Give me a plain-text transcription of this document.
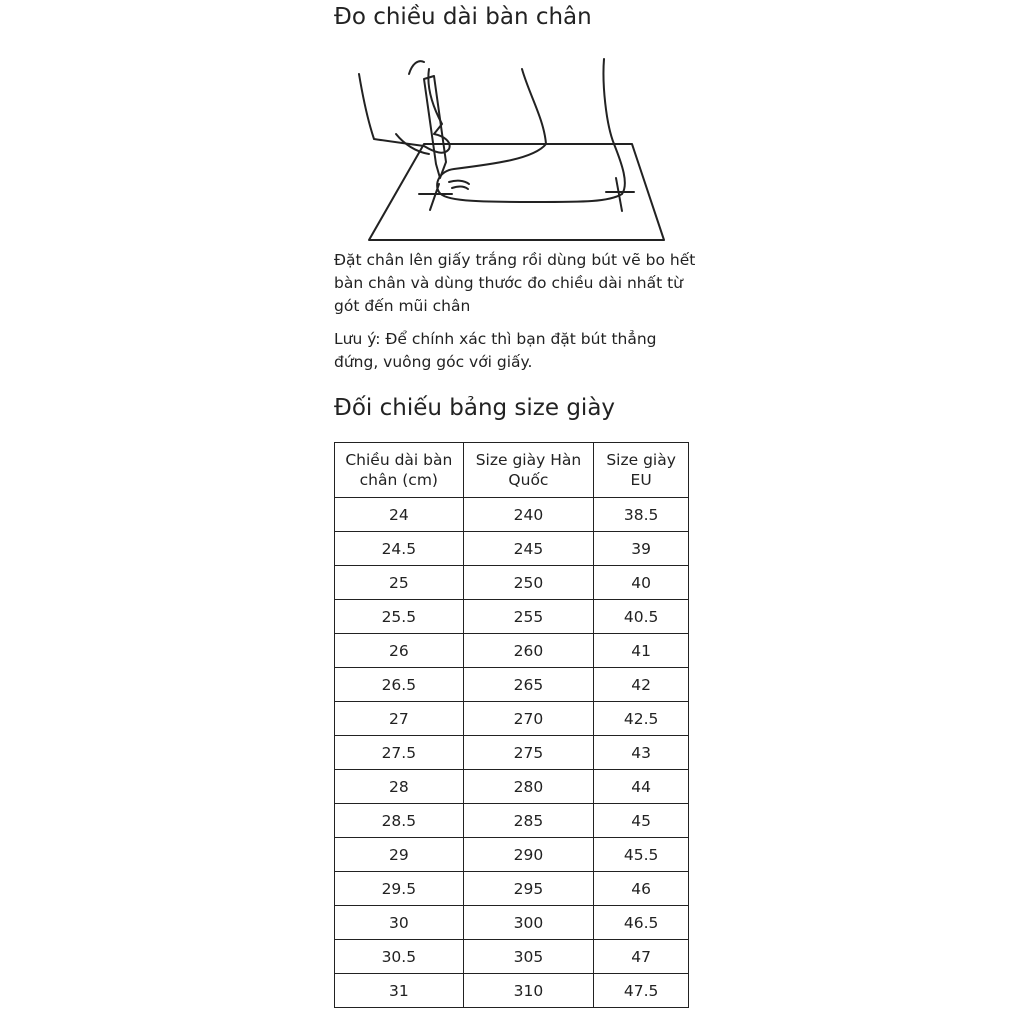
Đo chiều dài bàn chân
Đặt chân lên giấy trắng rồi dùng bút vẽ bo hết bàn chân và dùng thước đo chiều dài nhất từ gót đến mũi chân
Lưu ý: Để chính xác thì bạn đặt bút thẳng đứng, vuông góc với giấy.
Đối chiếu bảng size giày
Chiều dài bàn chân (cm)	Size giày Hàn Quốc	Size giày EU
24	240	38.5
24.5	245	39
25	250	40
25.5	255	40.5
26	260	41
26.5	265	42
27	270	42.5
27.5	275	43
28	280	44
28.5	285	45
29	290	45.5
29.5	295	46
30	300	46.5
30.5	305	47
31	310	47.5
